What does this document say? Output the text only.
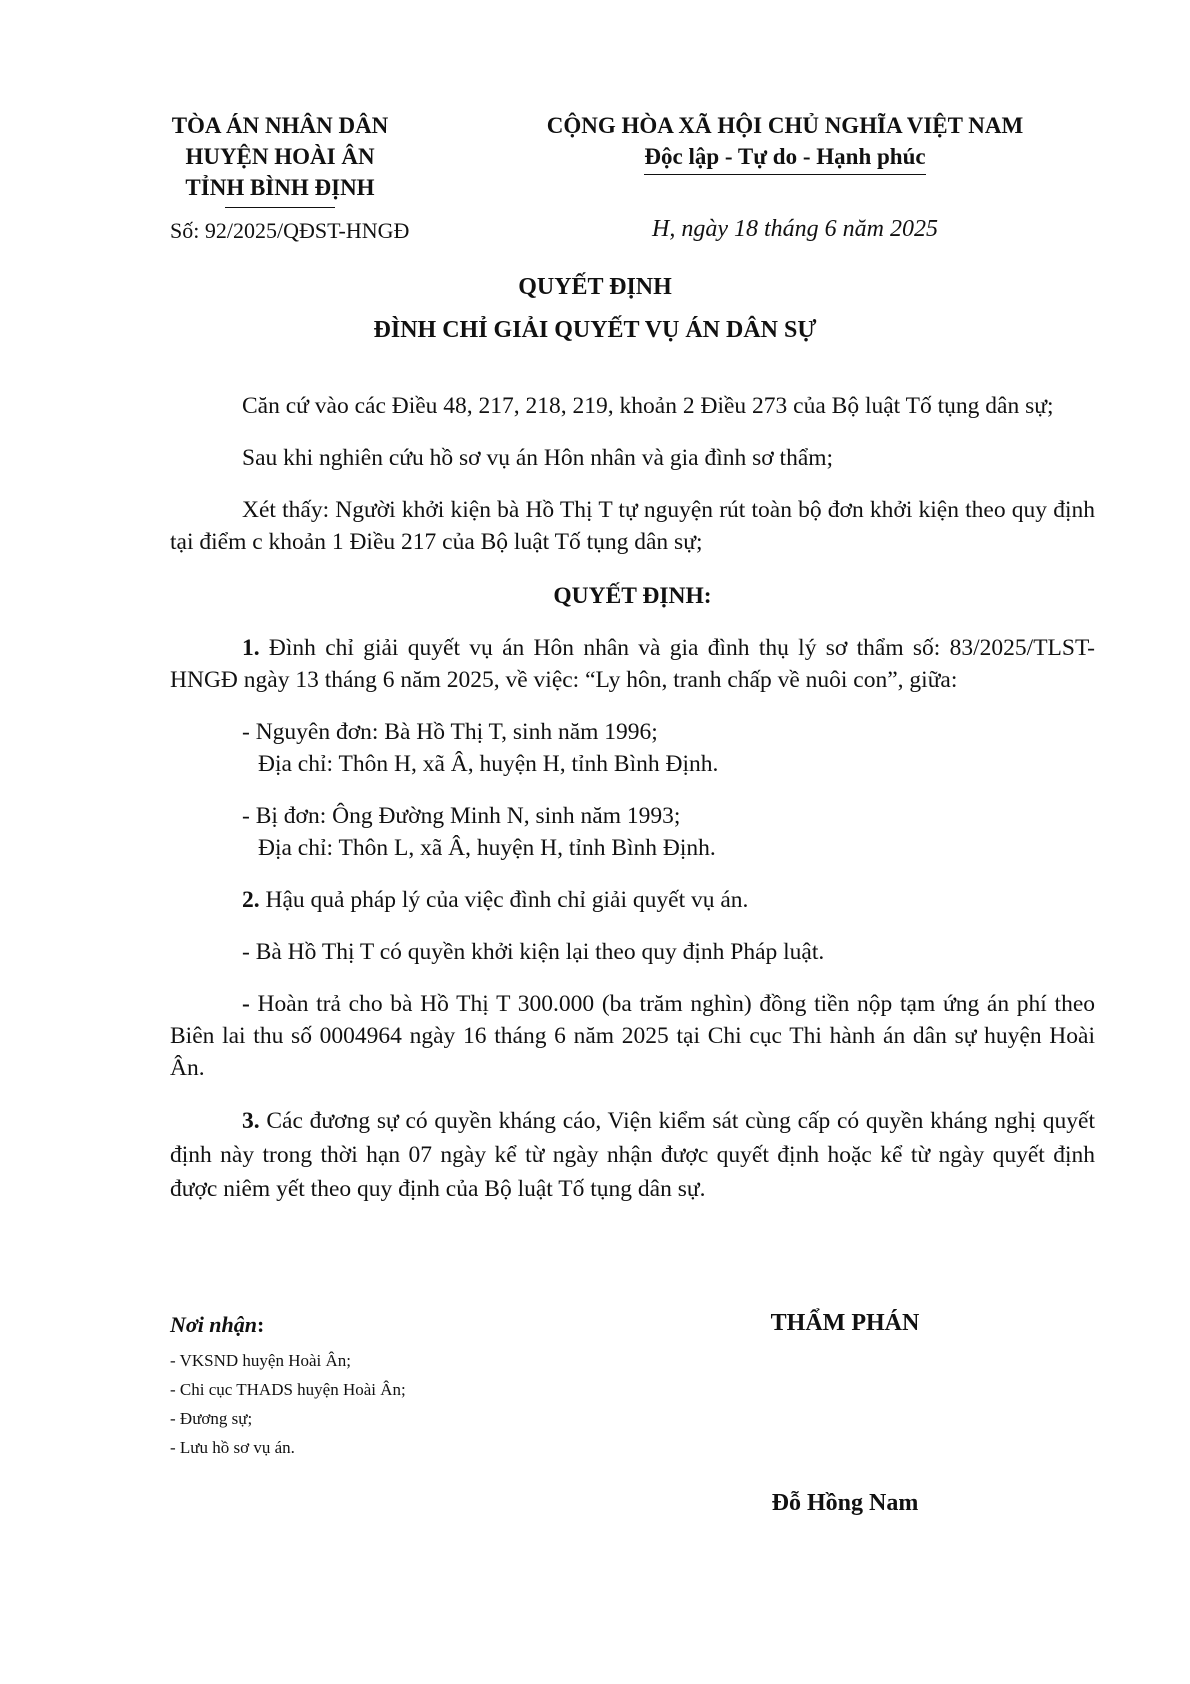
TÒA ÁN NHÂN DÂN
HUYỆN HOÀI ÂN
TỈNH BÌNH ĐỊNH
CỘNG HÒA XÃ HỘI CHỦ NGHĨA VIỆT NAM
Độc lập - Tự do - Hạnh phúc
Số: 92/2025/QĐST-HNGĐ	H, ngày 18 tháng 6 năm 2025
QUYẾT ĐỊNH
ĐÌNH CHỈ GIẢI QUYẾT VỤ ÁN DÂN SỰ

Căn cứ vào các Điều 48, 217, 218, 219, khoản 2 Điều 273 của Bộ luật Tố tụng dân sự;

Sau khi nghiên cứu hồ sơ vụ án Hôn nhân và gia đình sơ thẩm;

Xét thấy: Người khởi kiện bà Hồ Thị T tự nguyện rút toàn bộ đơn khởi kiện theo quy định tại điểm c khoản 1 Điều 217 của Bộ luật Tố tụng dân sự;

QUYẾT ĐỊNH:

1. Đình chỉ giải quyết vụ án Hôn nhân và gia đình thụ lý sơ thẩm số: 83/2025/TLST-HNGĐ ngày 13 tháng 6 năm 2025, về việc: “Ly hôn, tranh chấp về nuôi con”, giữa:

- Nguyên đơn: Bà Hồ Thị T, sinh năm 1996;

Địa chỉ: Thôn H, xã Â, huyện H, tỉnh Bình Định.

- Bị đơn: Ông Đường Minh N, sinh năm 1993;

Địa chỉ: Thôn L, xã Â, huyện H, tỉnh Bình Định.

2. Hậu quả pháp lý của việc đình chỉ giải quyết vụ án.

- Bà Hồ Thị T có quyền khởi kiện lại theo quy định Pháp luật.

- Hoàn trả cho bà Hồ Thị T 300.000 (ba trăm nghìn) đồng tiền nộp tạm ứng án phí theo Biên lai thu số 0004964 ngày 16 tháng 6 năm 2025 tại Chi cục Thi hành án dân sự huyện Hoài Ân.

3. Các đương sự có quyền kháng cáo, Viện kiểm sát cùng cấp có quyền kháng nghị quyết định này trong thời hạn 07 ngày kể từ ngày nhận được quyết định hoặc kể từ ngày quyết định được niêm yết theo quy định của Bộ luật Tố tụng dân sự.

Nơi nhận:
- VKSND huyện Hoài Ân;
- Chi cục THADS huyện Hoài Ân;
- Đương sự;
- Lưu hồ sơ vụ án.
THẨM PHÁN
Đỗ Hồng Nam
